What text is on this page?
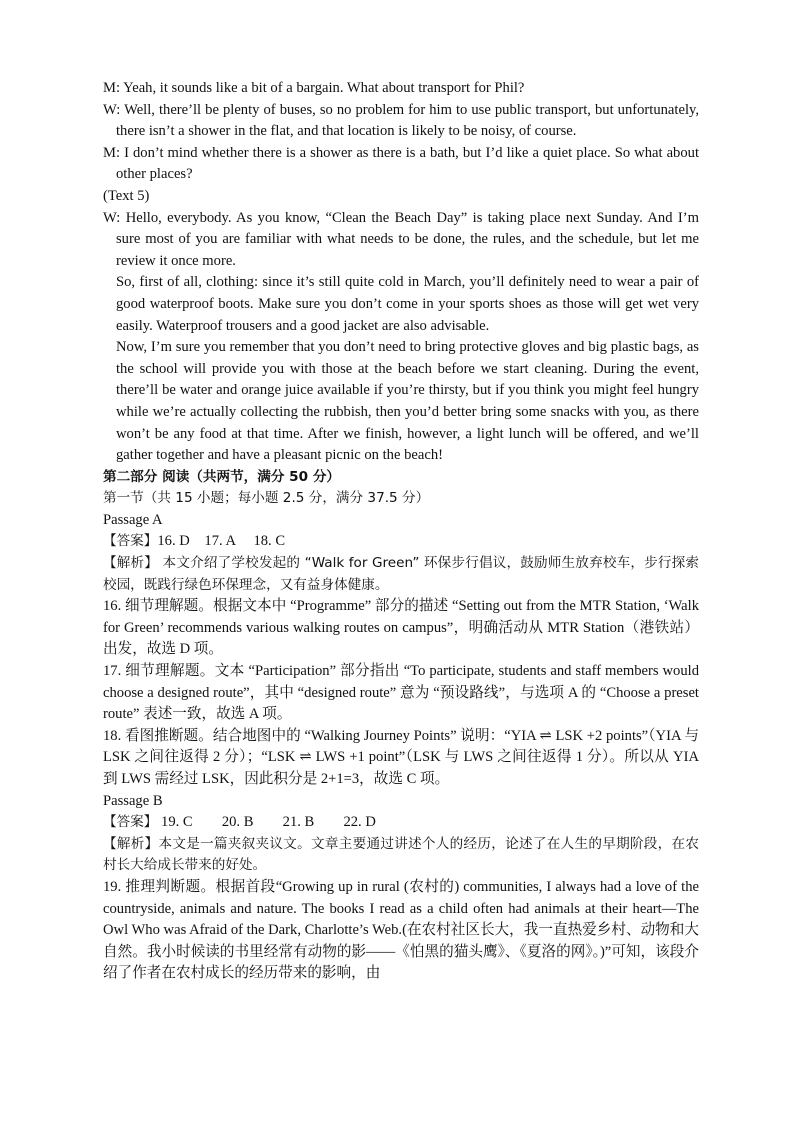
M: Yeah, it sounds like a bit of a bargain. What about transport for Phil?
W: Well, there’ll be plenty of buses, so no problem for him to use public transport, but unfortunately, there isn’t a shower in the flat, and that location is likely to be noisy, of course.
M: I don’t mind whether there is a shower as there is a bath, but I’d like a quiet place. So what about other places?
(Text 5)
W: Hello, everybody. As you know, “Clean the Beach Day” is taking place next Sunday. And I’m sure most of you are familiar with what needs to be done, the rules, and the schedule, but let me review it once more.
So, first of all, clothing: since it’s still quite cold in March, you’ll definitely need to wear a pair of good waterproof boots. Make sure you don’t come in your sports shoes as those will get wet very easily. Waterproof trousers and a good jacket are also advisable.
Now, I’m sure you remember that you don’t need to bring protective gloves and big plastic bags, as the school will provide you with those at the beach before we start cleaning. During the event, there’ll be water and orange juice available if you’re thirsty, but if you think you might feel hungry while we’re actually collecting the rubbish, then you’d better bring some snacks with you, as there won’t be any food at that time. After we finish, however, a light lunch will be offered, and we’ll gather together and have a pleasant picnic on the beach!
第二部分 阅读（共两节，满分 50 分）
第一节（共 15 小题；每小题 2.5 分，满分 37.5 分）
Passage A
【答案】16. D　17. A　 18. C
【解析】 本文介绍了学校发起的 “Walk for Green” 环保步行倡议，鼓励师生放弃校车，步行探索校园，既践行绿色环保理念，又有益身体健康。
16. 细节理解题。根据文本中 “Programme” 部分的描述 “Setting out from the MTR Station, ‘Walk for Green’ recommends various walking routes on campus”，明确活动从 MTR Station（港铁站）出发，故选 D 项。
17. 细节理解题。文本 “Participation” 部分指出 “To participate, students and staff members would choose a designed route”，其中 “designed route” 意为 “预设路线”，与选项 A 的 “Choose a preset route” 表述一致，故选 A 项。
18. 看图推断题。结合地图中的 “Walking Journey Points” 说明：“YIA ⇌ LSK +2 points”（YIA 与 LSK 之间往返得 2 分）；“LSK ⇌ LWS +1 point”（LSK 与 LWS 之间往返得 1 分）。所以从 YIA 到 LWS 需经过 LSK，因此积分是 2+1=3，故选 C 项。
Passage B
【答案】 19. C　　20. B　　21. B　　22. D
【解析】本文是一篇夹叙夹议文。文章主要通过讲述个人的经历，论述了在人生的早期阶段，在农村长大给成长带来的好处。
19. 推理判断题。根据首段“Growing up in rural (农村的) communities, I always had a love of the countryside, animals and nature. The books I read as a child often had animals at their heart—The Owl Who was Afraid of the Dark, Charlotte’s Web.(在农村社区长大，我一直热爱乡村、动物和大自然。我小时候读的书里经常有动物的影——《怕黑的猫头鹰》、《夏洛的网》。)”可知，该段介绍了作者在农村成长的经历带来的影响，由
